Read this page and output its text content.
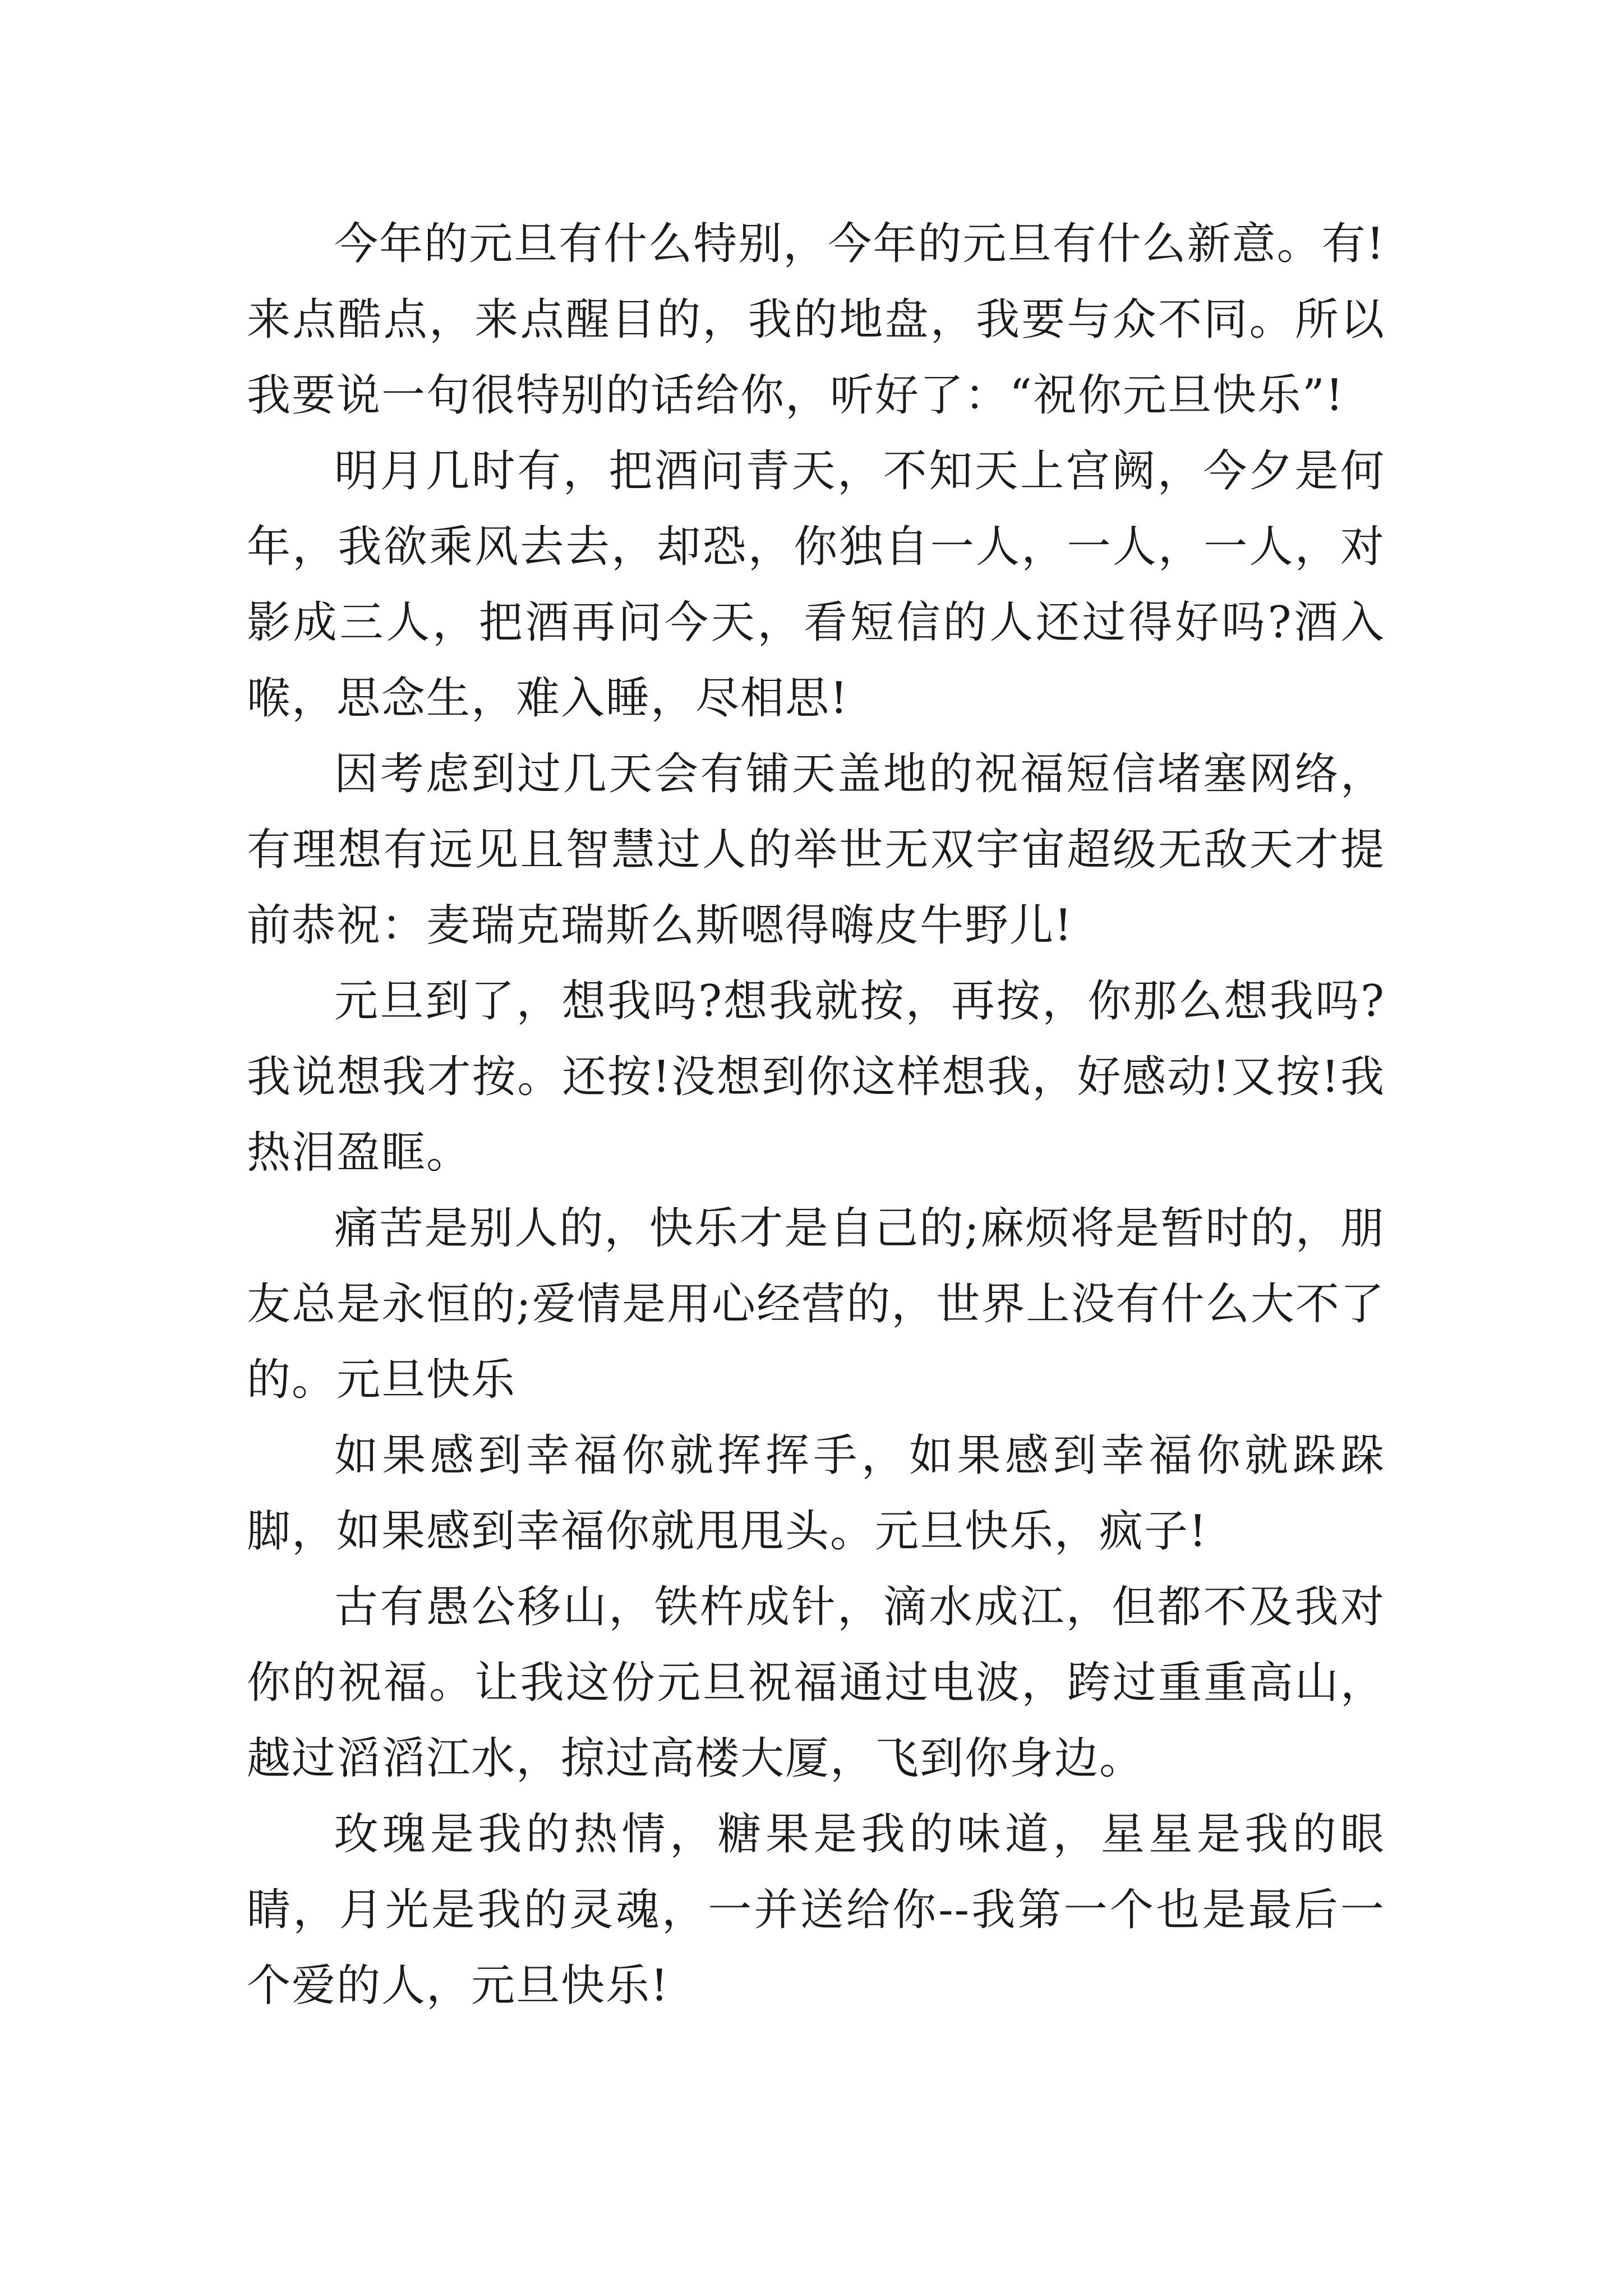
今年的元旦有什么特别，今年的元旦有什么新意。有!来点酷点，来点醒目的，我的地盘，我要与众不同。所以我要说一句很特别的话给你，听好了：“祝你元旦快乐”!

明月几时有，把酒问青天，不知天上宫阙，今夕是何年，我欲乘风去去，却恐，你独自一人，一人，一人，对影成三人，把酒再问今天，看短信的人还过得好吗?酒入喉，思念生，难入睡，尽相思!

因考虑到过几天会有铺天盖地的祝福短信堵塞网络，有理想有远见且智慧过人的举世无双宇宙超级无敌天才提前恭祝：麦瑞克瑞斯么斯嗯得嗨皮牛野儿!

元旦到了，想我吗?想我就按，再按，你那么想我吗?我说想我才按。还按!没想到你这样想我，好感动!又按!我热泪盈眶。

痛苦是别人的，快乐才是自己的;麻烦将是暂时的，朋友总是永恒的;爱情是用心经营的，世界上没有什么大不了的。元旦快乐

如果感到幸福你就挥挥手，如果感到幸福你就跺跺脚，如果感到幸福你就甩甩头。元旦快乐，疯子!

古有愚公移山，铁杵成针，滴水成江，但都不及我对你的祝福。让我这份元旦祝福通过电波，跨过重重高山，越过滔滔江水，掠过高楼大厦，飞到你身边。

玫瑰是我的热情，糖果是我的味道，星星是我的眼睛，月光是我的灵魂，一并送给你--我第一个也是最后一个爱的人，元旦快乐!
